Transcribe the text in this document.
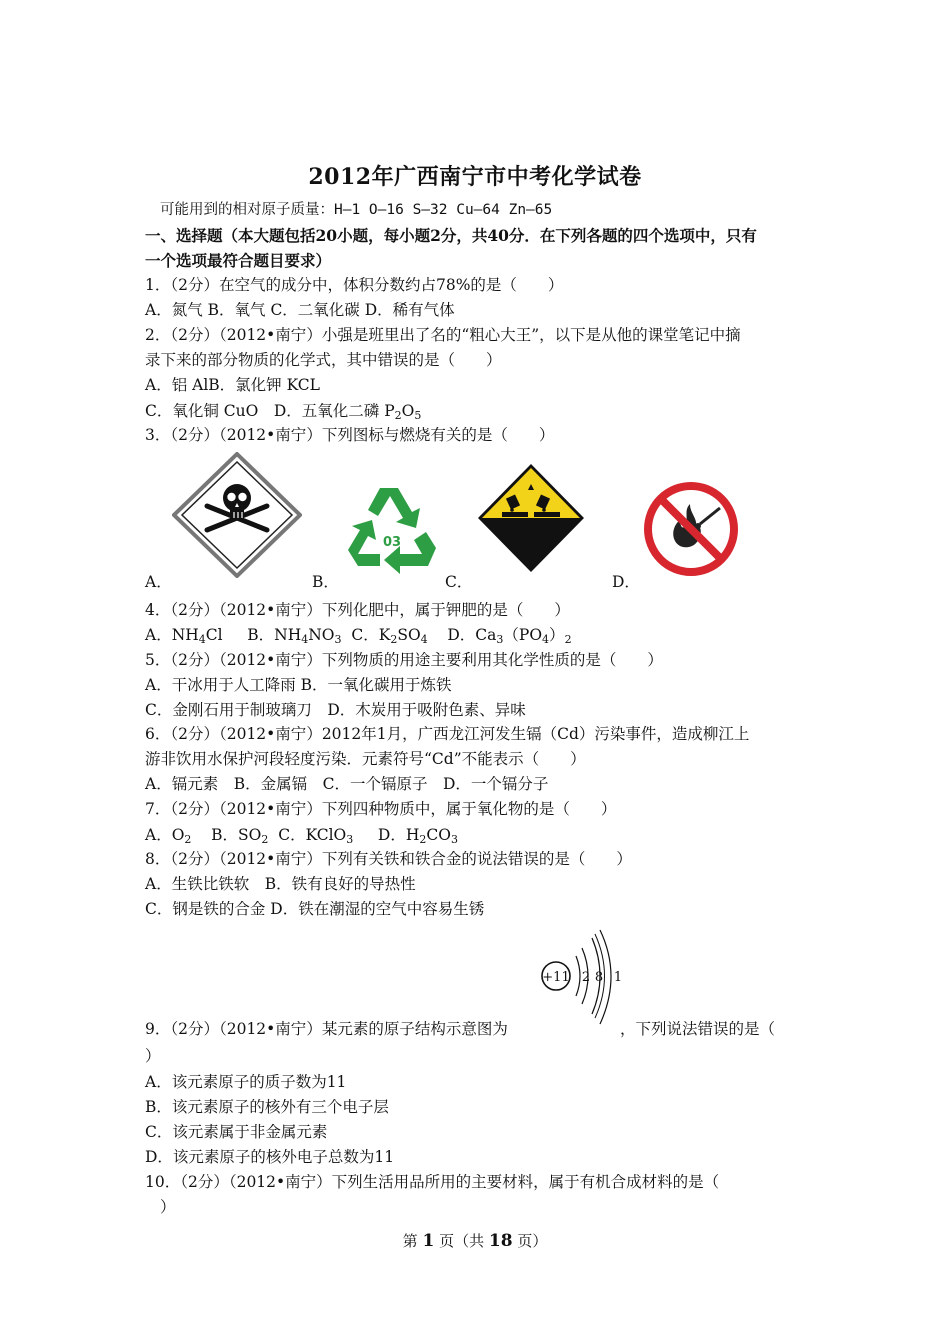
2012年广西南宁市中考化学试卷
可能用到的相对原子质量：H—1 O—16 S—32 Cu—64 Zn—65
一、选择题（本大题包括20小题，每小题2分，共40分．在下列各题的四个选项中，只有
一个选项最符合题目要求）
1．（2分）在空气的成分中，体积分数约占78%的是（　　）
A．氮气 B．氧气 C．二氧化碳 D．稀有气体
2．（2分）（2012•南宁）小强是班里出了名的“粗心大王”，以下是从他的课堂笔记中摘
录下来的部分物质的化学式，其中错误的是（　　）
A．铝 AlB．氯化钾 KCL
C．氧化铜 CuO　D．五氧化二磷 $P_2O_5$
3．（2分）（2012•南宁）下列图标与燃烧有关的是（　　）
03
A．	B．	C．	D．
4．（2分）（2012•南宁）下列化肥中，属于钾肥的是（　　）
A．$NH_4Cl$ B．$NH_4NO_3$ C．$K_2SO_4$ D．$Ca_3(PO_4)_2$
5．（2分）（2012•南宁）下列物质的用途主要利用其化学性质的是（　　）
A．干冰用于人工降雨 B．一氧化碳用于炼铁
C．金刚石用于制玻璃刀　D．木炭用于吸附色素、异味
6．（2分）（2012•南宁）2012年1月，广西龙江河发生镉（Cd）污染事件，造成柳江上
游非饮用水保护河段轻度污染．元素符号“Cd”不能表示（　　）
A．镉元素　B．金属镉　C．一个镉原子　D．一个镉分子
7．（2分）（2012•南宁）下列四种物质中，属于氧化物的是（　　）
A．$O_2$ B．$SO_2$ C．KClO$_3$ D．$H_2CO_3$
8．（2分）（2012•南宁）下列有关铁和铁合金的说法错误的是（　　）
A．生铁比铁软　B．铁有良好的导热性
C．钢是铁的合金 D．铁在潮湿的空气中容易生锈
+11 2 8 1
9．（2分）（2012•南宁）某元素的原子结构示意图为	，下列说法错误的是（
）
A．该元素原子的质子数为11
B．该元素原子的核外有三个电子层
C．该元素属于非金属元素
D．该元素原子的核外电子总数为11
10．（2分）（2012•南宁）下列生活用品所用的主要材料，属于有机合成材料的是（
）
第 1 页（共 18 页）
